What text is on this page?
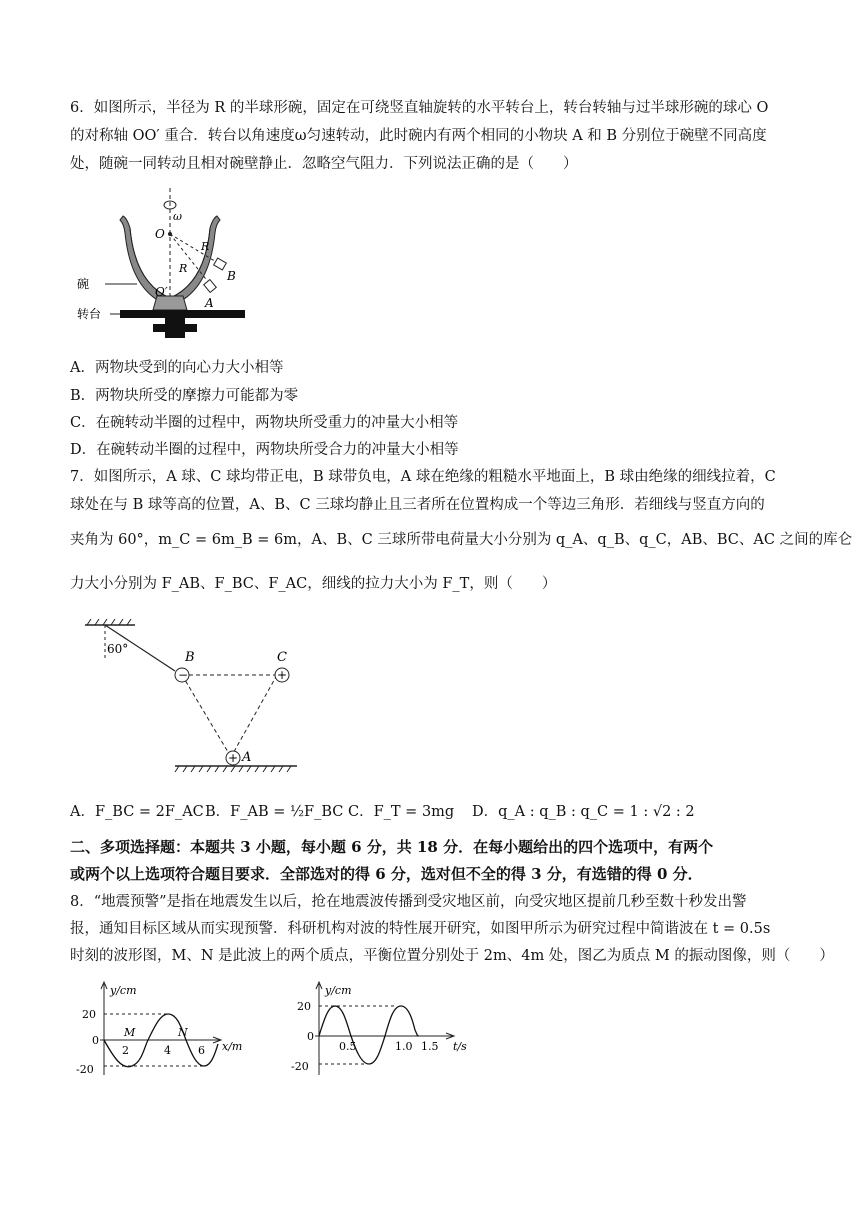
6．如图所示，半径为 R 的半球形碗，固定在可绕竖直轴旋转的水平转台上，转台转轴与过半球形碗的球心 O
的对称轴 OO′ 重合．转台以角速度ω匀速转动，此时碗内有两个相同的小物块 A 和 B 分别位于碗壁不同高度
处，随碗一同转动且相对碗壁静止．忽略空气阻力．下列说法正确的是（　　）
ω
O
R
R
B
A
O′
碗
转台
A．两物块受到的向心力大小相等
B．两物块所受的摩擦力可能都为零
C．在碗转动半圈的过程中，两物块所受重力的冲量大小相等
D．在碗转动半圈的过程中，两物块所受合力的冲量大小相等
7．如图所示，A 球、C 球均带正电，B 球带负电，A 球在绝缘的粗糙水平地面上，B 球由绝缘的细线拉着，C
球处在与 B 球等高的位置，A、B、C 三球均静止且三者所在位置构成一个等边三角形．若细线与竖直方向的
夹角为 60°，m_C = 6m_B = 6m，A、B、C 三球所带电荷量大小分别为 q_A、q_B、q_C，AB、BC、AC 之间的库仑
力大小分别为 F_AB、F_BC、F_AC，细线的拉力大小为 F_T，则（　　）
60°
−	+
+
B	C
A
A．F_BC = 2F_AC B．F_AB = ½F_BC C．F_T = 3mg D．q_A : q_B : q_C = 1 : √2 : 2
二、多项选择题：本题共 3 小题，每小题 6 分，共 18 分．在每小题给出的四个选项中，有两个
或两个以上选项符合题目要求．全部选对的得 6 分，选对但不全的得 3 分，有选错的得 0 分．
8．“地震预警”是指在地震发生以后，抢在地震波传播到受灾地区前，向受灾地区提前几秒至数十秒发出警
报，通知目标区域从而实现预警．科研机构对波的特性展开研究，如图甲所示为研究过程中简谐波在 t = 0.5s
时刻的波形图，M、N 是此波上的两个质点，平衡位置分别处于 2m、4m 处，图乙为质点 M 的振动图像，则（　　）
y/cm
x/m
20
0
-20
2	4 6
M	N
y/cm
t/s
20
0
-20
0.5	1.0 1.5
